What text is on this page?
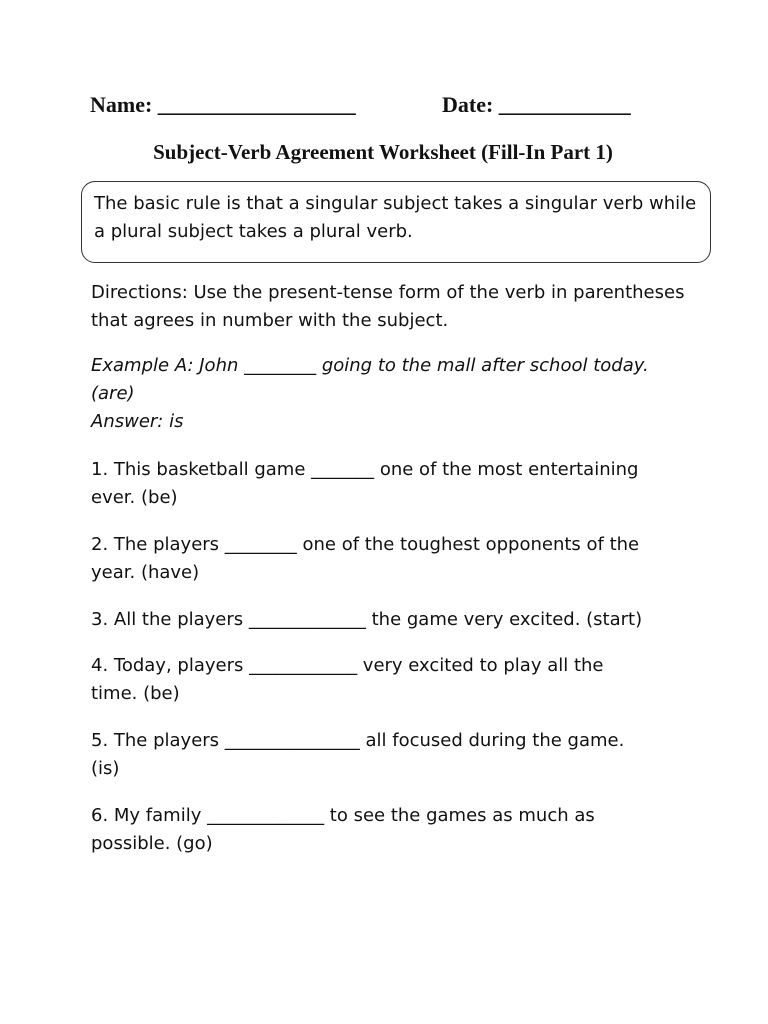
Name: __________________	Date: ____________
Subject-Verb Agreement Worksheet (Fill-In Part 1)
The basic rule is that a singular subject takes a singular verb while a plural subject takes a plural verb.

Directions: Use the present-tense form of the verb in parentheses that agrees in number with the subject.

Example A: John ________ going to the mall after school today.

(are)

Answer: is

1. This basketball game _______ one of the most entertaining

ever. (be)

2. The players ________ one of the toughest opponents of the

year. (have)

3. All the players _____________ the game very excited. (start)

4. Today, players ____________ very excited to play all the

time. (be)

5. The players _______________ all focused during the game.

(is)

6. My family _____________ to see the games as much as

possible. (go)
